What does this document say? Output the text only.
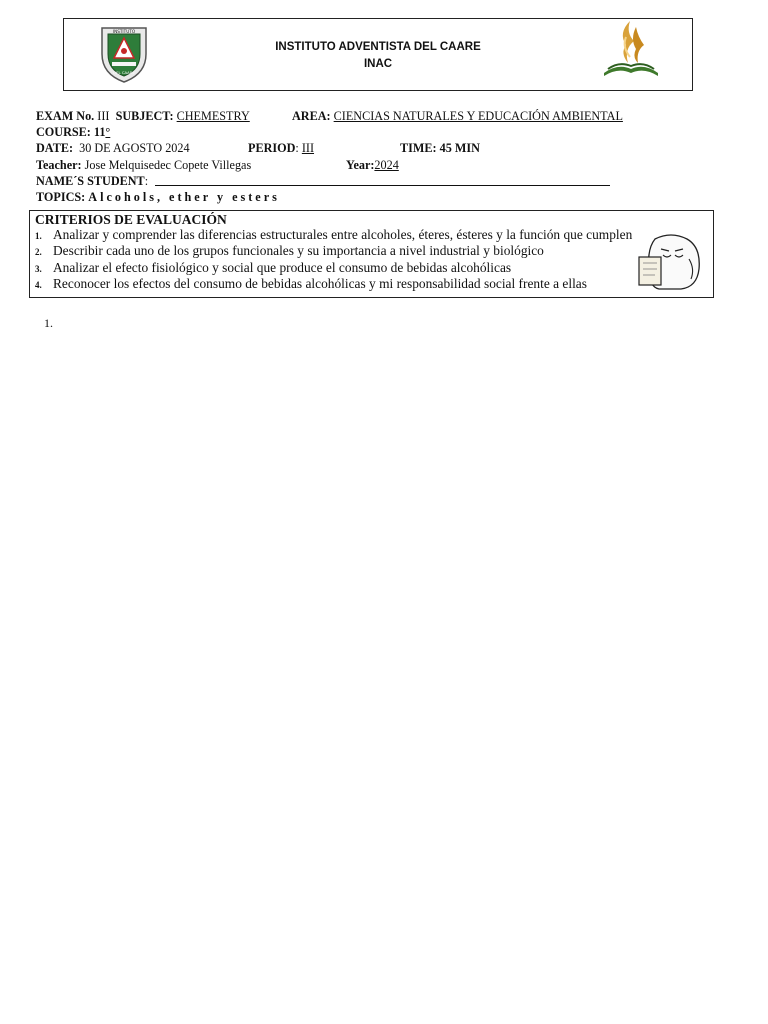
INSTITUTO
DEL CAARE
INSTITUTO ADVENTISTA DEL CAARE
INAC
EXAM No. III SUBJECT: CHEMESTRY	AREA: CIENCIAS NATURALES Y EDUCACIÓN AMBIENTAL
COURSE: 11°
DATE: 30 DE AGOSTO 2024	PERIOD: III	TIME: 45 MIN
Teacher: Jose Melquisedec Copete Villegas	Year:2024
NAME´S STUDENT:
TOPICS: Alcohols, ether y esters
CRITERIOS DE EVALUACIÓN
1. Analizar y comprender las diferencias estructurales entre alcoholes, éteres, ésteres y la función que cumplen
2. Describir cada uno de los grupos funcionales y su importancia a nivel industrial y biológico
3. Analizar el efecto fisiológico y social que produce el consumo de bebidas alcohólicas
4. Reconocer los efectos del consumo de bebidas alcohólicas y mi responsabilidad social frente a ellas
1.
